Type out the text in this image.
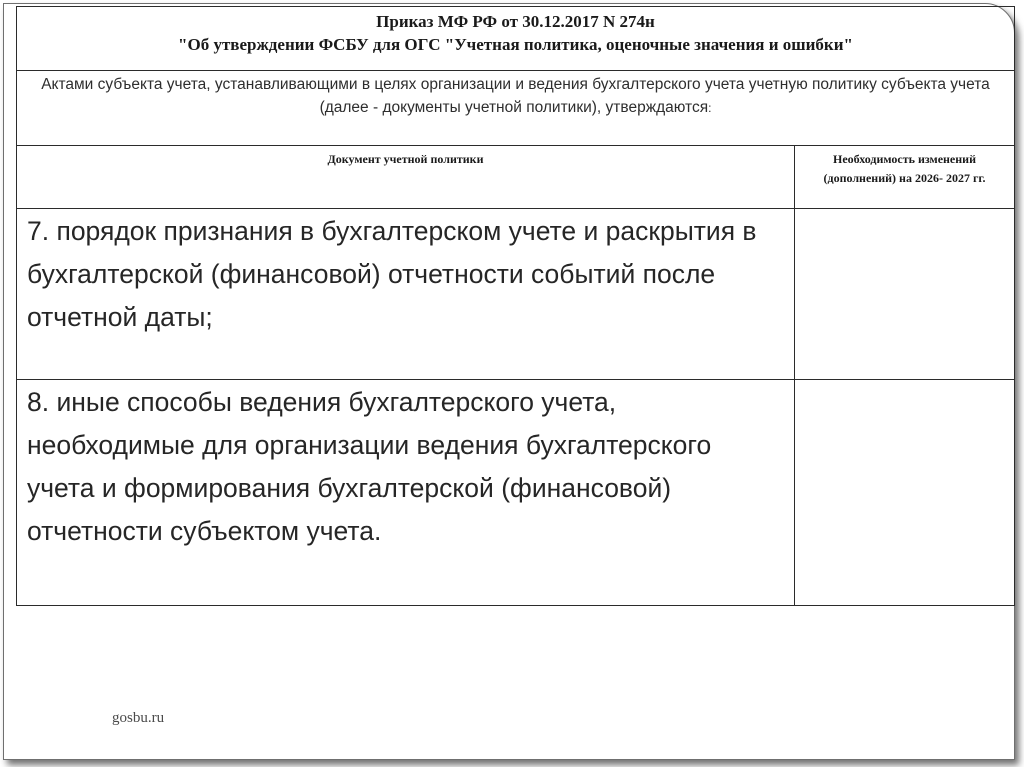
Приказ МФ РФ от 30.12.2017 N 274н
"Об утверждении ФСБУ для ОГС "Учетная политика, оценочные значения и ошибки"	

Актами субъекта учета, устанавливающими в целях организации и ведения бухгалтерского учета учетную политику субъекта учета (далее - документы учетной политики), утверждаются:	
Документ учетной политики	Необходимость изменений (дополнений) на 2026- 2027 гг.
7. порядок признания в бухгалтерском учете и раскрытия в бухгалтерской (финансовой) отчетности событий после отчетной даты;	
8. иные способы ведения бухгалтерского учета, необходимые для организации ведения бухгалтерского учета и формирования бухгалтерской (финансовой) отчетности субъектом учета.	
gosbu.ru
